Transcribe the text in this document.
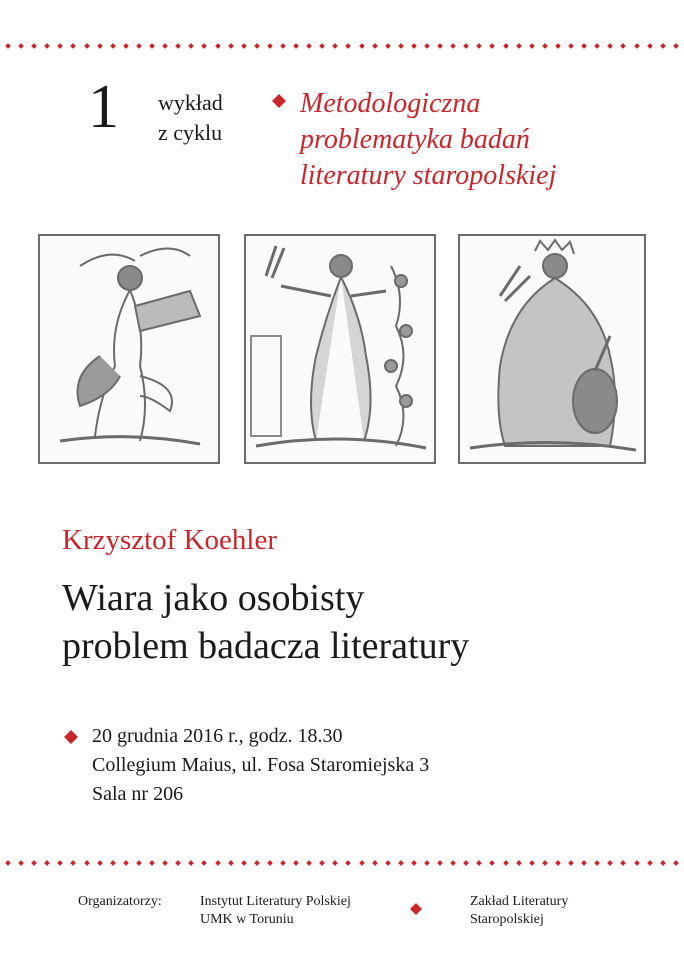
1 wykład
z cyklu
Metodologiczna
problematyka badań
literatury staropolskiej
Krzysztof Koehler
Wiara jako osobisty
problem badacza literatury
20 grudnia 2016 r., godz. 18.30
Collegium Maius, ul. Fosa Staromiejska 3
Sala nr 206
Organizatorzy:	Instytut Literatury Polskiej
UMK w Toruniu
Zakład Literatury
Staropolskiej
